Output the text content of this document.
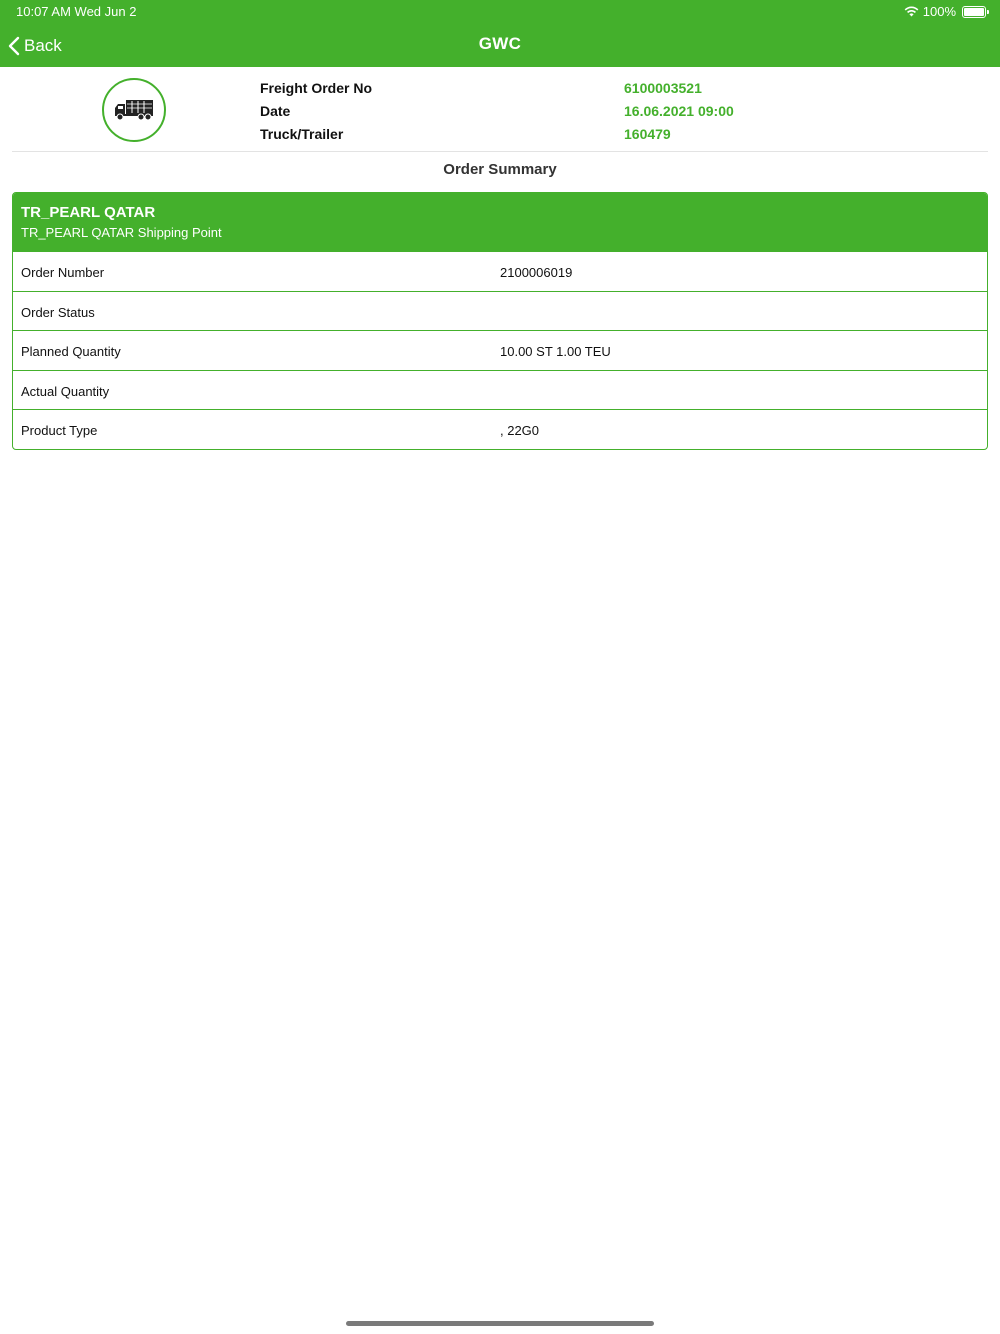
10:07 AM Wed Jun 2	100%
Back	GWC
Freight Order No	6100003521
Date	16.06.2021 09:00
Truck/Trailer	160479
Order Summary
TR_PEARL QATAR
TR_PEARL QATAR Shipping Point
Order Number	2100006019
Order Status
Planned Quantity	10.00 ST 1.00 TEU
Actual Quantity
Product Type	, 22G0
